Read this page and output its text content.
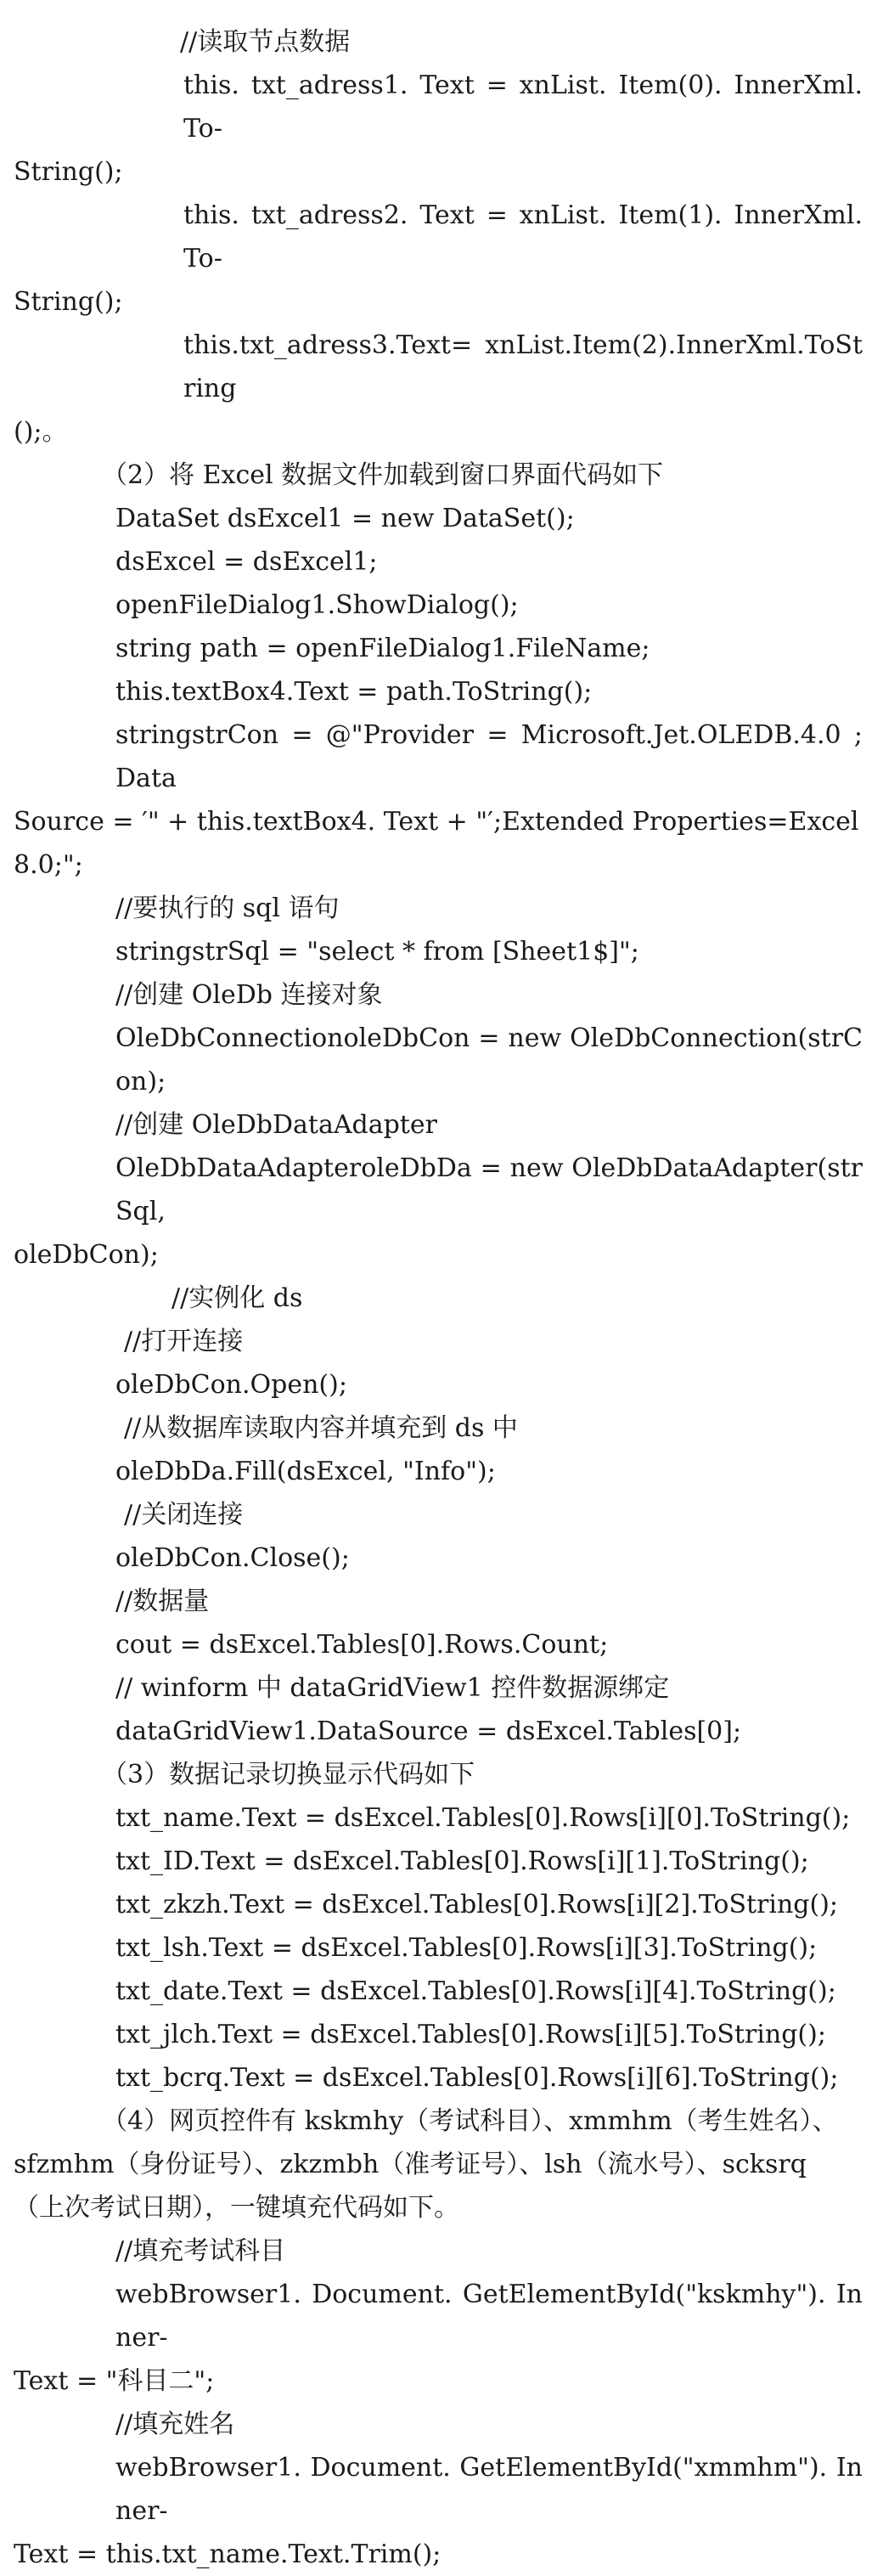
//读取节点数据

this. txt_adress1. Text = xnList. Item(0). InnerXml. To-

String();

this. txt_adress2. Text = xnList. Item(1). InnerXml. To-

String();

this.txt_adress3.Text= xnList.Item(2).InnerXml.ToString

();。

（2）将 Excel 数据文件加载到窗口界面代码如下

DataSet dsExcel1 = new DataSet();

dsExcel = dsExcel1;

openFileDialog1.ShowDialog();

string path = openFileDialog1.FileName;

this.textBox4.Text = path.ToString();

stringstrCon = @"Provider = Microsoft.Jet.OLEDB.4.0 ; Data

Source = ′" + this.textBox4. Text + "′;Extended Properties=Excel

8.0;";

//要执行的 sql 语句

stringstrSql = "select * from [Sheet1$]";

//创建 OleDb 连接对象

OleDbConnectionoleDbCon = new OleDbConnection(strCon);

//创建 OleDbDataAdapter

OleDbDataAdapteroleDbDa = new OleDbDataAdapter(strSql,

oleDbCon);

//实例化 ds

//打开连接

oleDbCon.Open();

//从数据库读取内容并填充到 ds 中

oleDbDa.Fill(dsExcel, "Info");

//关闭连接

oleDbCon.Close();

//数据量

cout = dsExcel.Tables[0].Rows.Count;

// winform 中 dataGridView1 控件数据源绑定

dataGridView1.DataSource = dsExcel.Tables[0];

（3）数据记录切换显示代码如下

txt_name.Text = dsExcel.Tables[0].Rows[i][0].ToString();

txt_ID.Text = dsExcel.Tables[0].Rows[i][1].ToString();

txt_zkzh.Text = dsExcel.Tables[0].Rows[i][2].ToString();

txt_lsh.Text = dsExcel.Tables[0].Rows[i][3].ToString();

txt_date.Text = dsExcel.Tables[0].Rows[i][4].ToString();

txt_jlch.Text = dsExcel.Tables[0].Rows[i][5].ToString();

txt_bcrq.Text = dsExcel.Tables[0].Rows[i][6].ToString();

（4）网页控件有 kskmhy（考试科目）、xmmhm（考生姓名）、

sfzmhm（身份证号）、zkzmbh（准考证号）、lsh（流水号）、scksrq

（上次考试日期），一键填充代码如下。

//填充考试科目

webBrowser1. Document. GetElementById("kskmhy"). Inner-

Text = "科目二";

//填充姓名

webBrowser1. Document. GetElementById("xmmhm"). Inner-

Text = this.txt_name.Text.Trim();
